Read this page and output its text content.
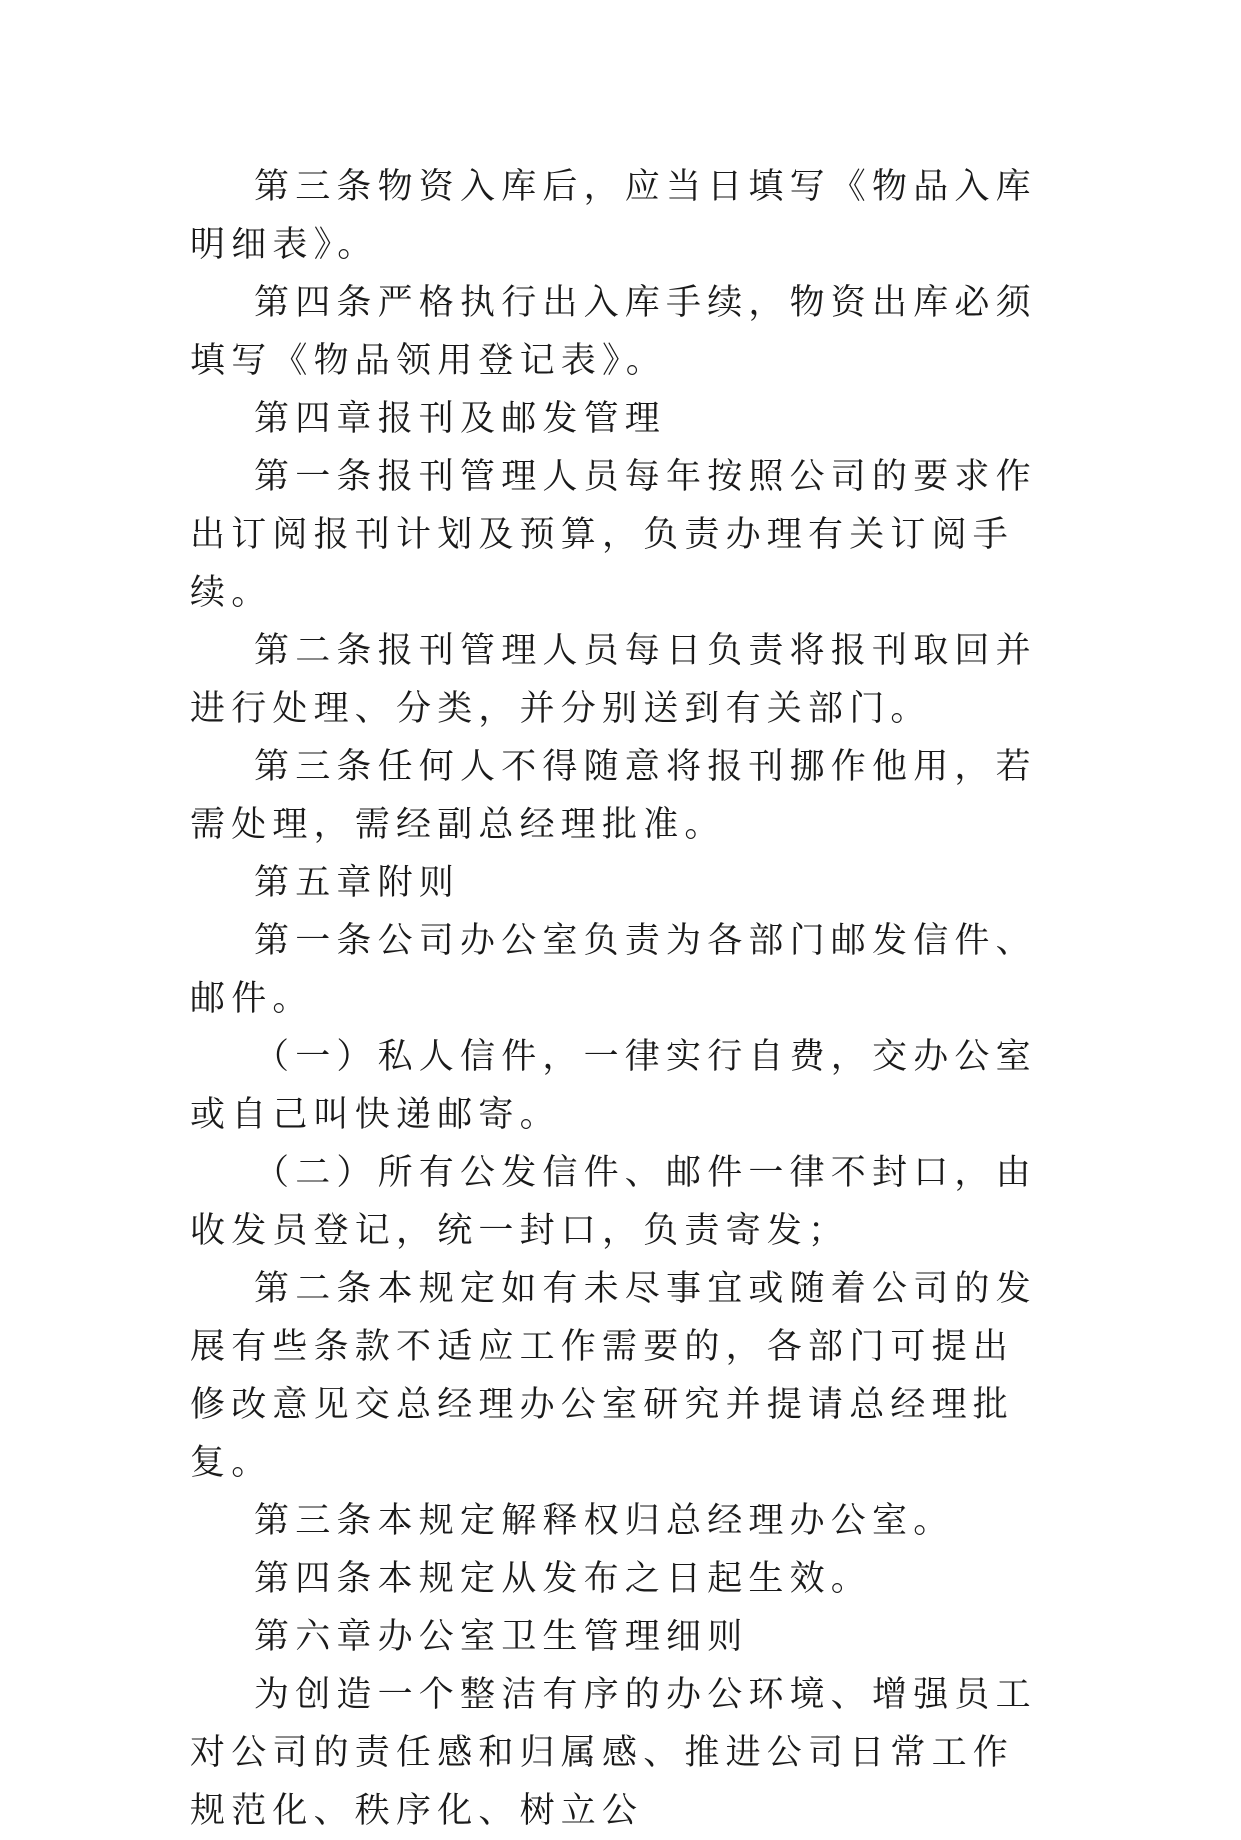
第三条物资入库后，应当日填写《物品入库明细表》。

第四条严格执行出入库手续，物资出库必须填写《物品领用登记表》。

第四章报刊及邮发管理

第一条报刊管理人员每年按照公司的要求作出订阅报刊计划及预算，负责办理有关订阅手续。

第二条报刊管理人员每日负责将报刊取回并进行处理、分类，并分别送到有关部门。

第三条任何人不得随意将报刊挪作他用，若需处理，需经副总经理批准。

第五章附则

第一条公司办公室负责为各部门邮发信件、邮件。

（一）私人信件，一律实行自费，交办公室或自己叫快递邮寄。

（二）所有公发信件、邮件一律不封口，由收发员登记，统一封口，负责寄发；

第二条本规定如有未尽事宜或随着公司的发展有些条款不适应工作需要的，各部门可提出修改意见交总经理办公室研究并提请总经理批复。

第三条本规定解释权归总经理办公室。

第四条本规定从发布之日起生效。

第六章办公室卫生管理细则

为创造一个整洁有序的办公环境、增强员工对公司的责任感和归属感、推进公司日常工作规范化、秩序化、树立公
